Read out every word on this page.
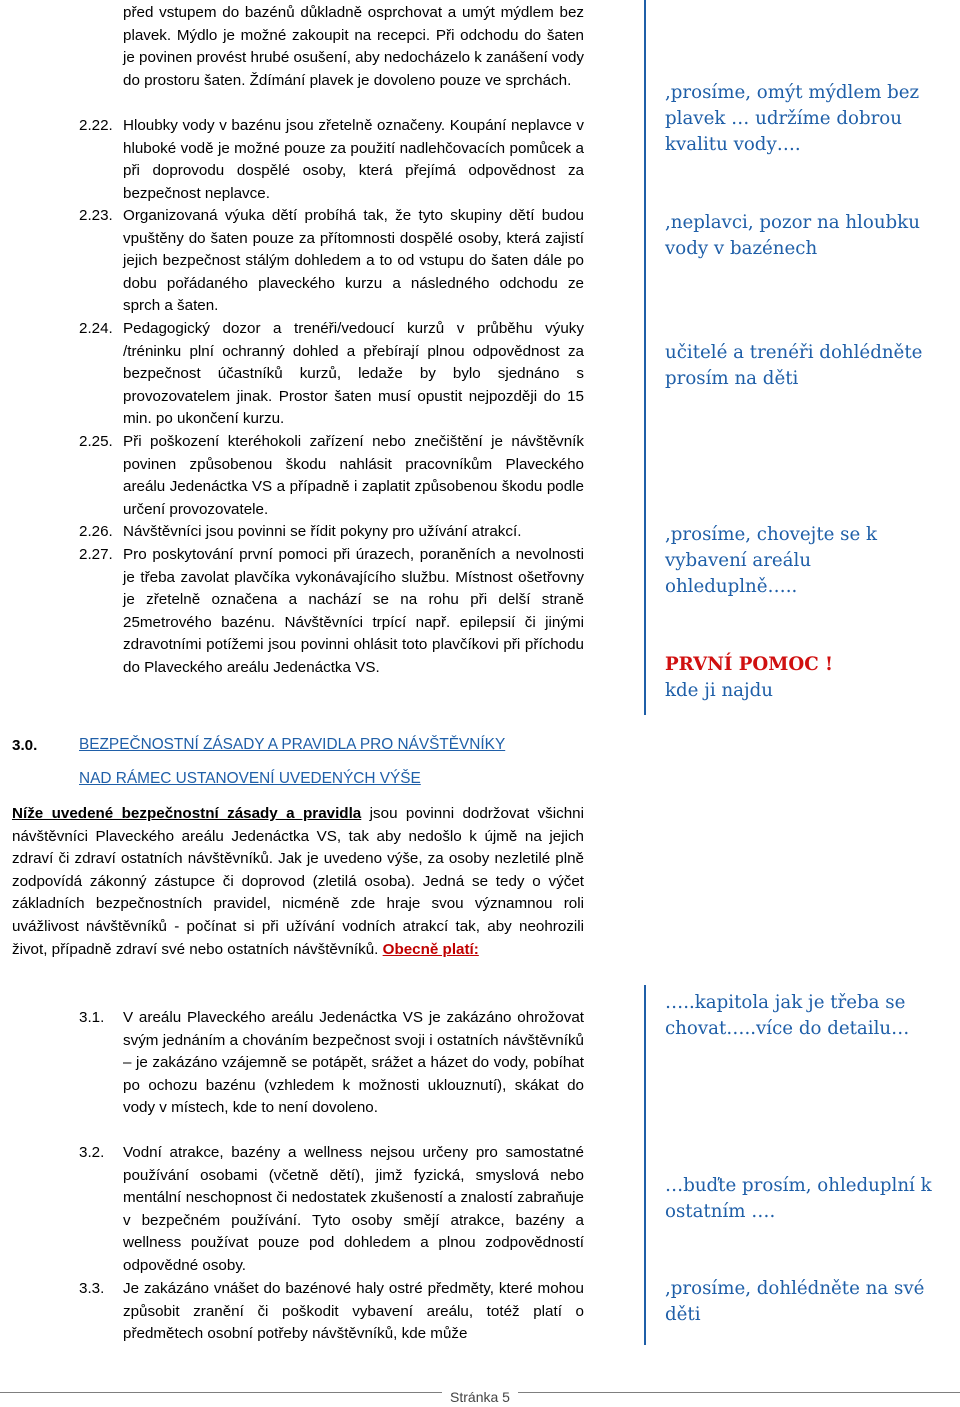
před vstupem do bazénů důkladně osprchovat a umýt mýdlem bez plavek. Mýdlo je možné zakoupit na recepci. Při odchodu do šaten je povinen provést hrubé osušení, aby nedocházelo k zanášení vody do prostoru šaten. Ždímání plavek je dovoleno pouze ve sprchách.
2.22. Hloubky vody v bazénu jsou zřetelně označeny. Koupání neplavce v hluboké vodě je možné pouze za použití nadlehčovacích pomůcek a při doprovodu dospělé osoby, která přejímá odpovědnost za bezpečnost neplavce.
2.23. Organizovaná výuka dětí probíhá tak, že tyto skupiny dětí budou vpuštěny do šaten pouze za přítomnosti dospělé osoby, která zajistí jejich bezpečnost stálým dohledem a to od vstupu do šaten dále po dobu pořádaného plaveckého kurzu a následného odchodu ze sprch a šaten.
2.24. Pedagogický dozor a trenéři/vedoucí kurzů v průběhu výuky /tréninku plní ochranný dohled a přebírají plnou odpovědnost za bezpečnost účastníků kurzů, ledaže by bylo sjednáno s provozovatelem jinak. Prostor šaten musí opustit nejpozději do 15 min. po ukončení kurzu.
2.25. Při poškození kteréhokoli zařízení nebo znečištění je návštěvník povinen způsobenou škodu nahlásit pracovníkům Plaveckého areálu Jedenáctka VS a případně i zaplatit způsobenou škodu podle určení provozovatele.
2.26. Návštěvníci jsou povinni se řídit pokyny pro užívání atrakcí.
2.27. Pro poskytování první pomoci při úrazech, poraněních a nevolnosti je třeba zavolat plavčíka vykonávajícího službu. Místnost ošetřovny je zřetelně označena a nachází se na rohu při delší straně 25metrového bazénu. Návštěvníci trpící např. epilepsií či jinými zdravotními potížemi jsou povinni ohlásit toto plavčíkovi při příchodu do Plaveckého areálu Jedenáctka VS.
3.0.	BEZPEČNOSTNÍ ZÁSADY A PRAVIDLA PRO NÁVŠTĚVNÍKY
NAD RÁMEC USTANOVENÍ UVEDENÝCH VÝŠE
Níže uvedené bezpečnostní zásady a pravidla jsou povinni dodržovat všichni návštěvníci Plaveckého areálu Jedenáctka VS, tak aby nedošlo k újmě na jejich zdraví či zdraví ostatních návštěvníků. Jak je uvedeno výše, za osoby nezletilé plně zodpovídá zákonný zástupce či doprovod (zletilá osoba). Jedná se tedy o výčet základních bezpečnostních pravidel, nicméně zde hraje svou významnou roli uvážlivost návštěvníků - počínat si při užívání vodních atrakcí tak, aby neohrozili život, případně zdraví své nebo ostatních návštěvníků. Obecně platí:
3.1.	V areálu Plaveckého areálu Jedenáctka VS je zakázáno ohrožovat svým jednáním a chováním bezpečnost svoji i ostatních návštěvníků – je zakázáno vzájemně se potápět, srážet a házet do vody, pobíhat po ochozu bazénu (vzhledem k možnosti uklouznutí), skákat do vody v místech, kde to není dovoleno.
3.2.	Vodní atrakce, bazény a wellness nejsou určeny pro samostatné používání osobami (včetně dětí), jimž fyzická, smyslová nebo mentální neschopnost či nedostatek zkušeností a znalostí zabraňuje v bezpečném používání. Tyto osoby smějí atrakce, bazény a wellness používat pouze pod dohledem a plnou zodpovědností odpovědné osoby.
3.3.	Je zakázáno vnášet do bazénové haly ostré předměty, které mohou způsobit zranění či poškodit vybavení areálu, totéž platí o předmětech osobní potřeby návštěvníků, kde může
,prosíme, omýt mýdlem bez plavek … udržíme dobrou kvalitu vody….
,neplavci, pozor na hloubku vody v bazénech
učitelé a trenéři dohlédněte prosím na děti
,prosíme, chovejte se k vybavení areálu ohleduplně…..
PRVNÍ POMOC !
kde ji najdu
…..kapitola jak je třeba se chovat…..více do detailu…
…buďte prosím, ohleduplní k ostatním ….
,prosíme, dohlédněte na své děti
Stránka 5
